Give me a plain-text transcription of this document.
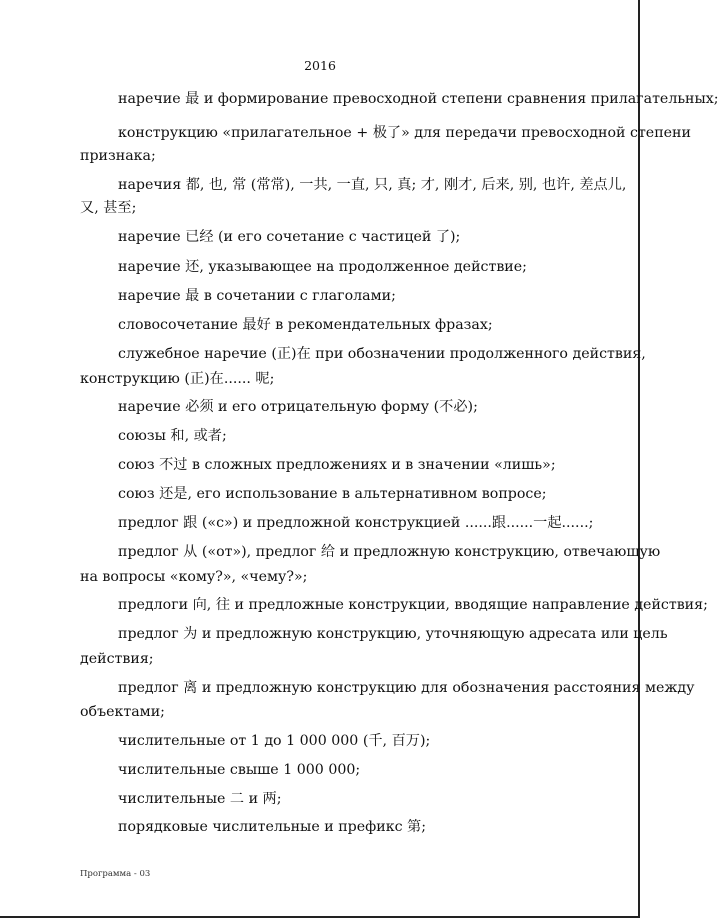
2016
наречие 最 и формирование превосходной степени сравнения прилагательных;
конструкцию «прилагательное + 极了» для передачи превосходной степени
признака;
наречия 都, 也, 常 (常常), 一共, 一直, 只, 真; 才, 刚才, 后来, 别, 也许, 差点儿,
又, 甚至;
наречие 已经 (и его сочетание с частицей 了);
наречие 还, указывающее на продолженное действие;
наречие 最 в сочетании с глаголами;
словосочетание 最好 в рекомендательных фразах;
служебное наречие (正)在 при обозначении продолженного действия,
конструкцию (正)在...... 呢;
наречие 必须 и его отрицательную форму (不必);
союзы 和, 或者;
союз 不过 в сложных предложениях и в значении «лишь»;
союз 还是, его использование в альтернативном вопросе;
предлог 跟 («с») и предложной конструкцией ......跟......一起......;
предлог 从 («от»), предлог 给 и предложную конструкцию, отвечающую
на вопросы «кому?», «чему?»;
предлоги 向, 往 и предложные конструкции, вводящие направление действия;
предлог 为 и предложную конструкцию, уточняющую адресата или цель
действия;
предлог 离 и предложную конструкцию для обозначения расстояния между
объектами;
числительные от 1 до 1 000 000 (千, 百万);
числительные свыше 1 000 000;
числительные 二 и 两;
порядковые числительные и префикс 第;
Программа - 03
